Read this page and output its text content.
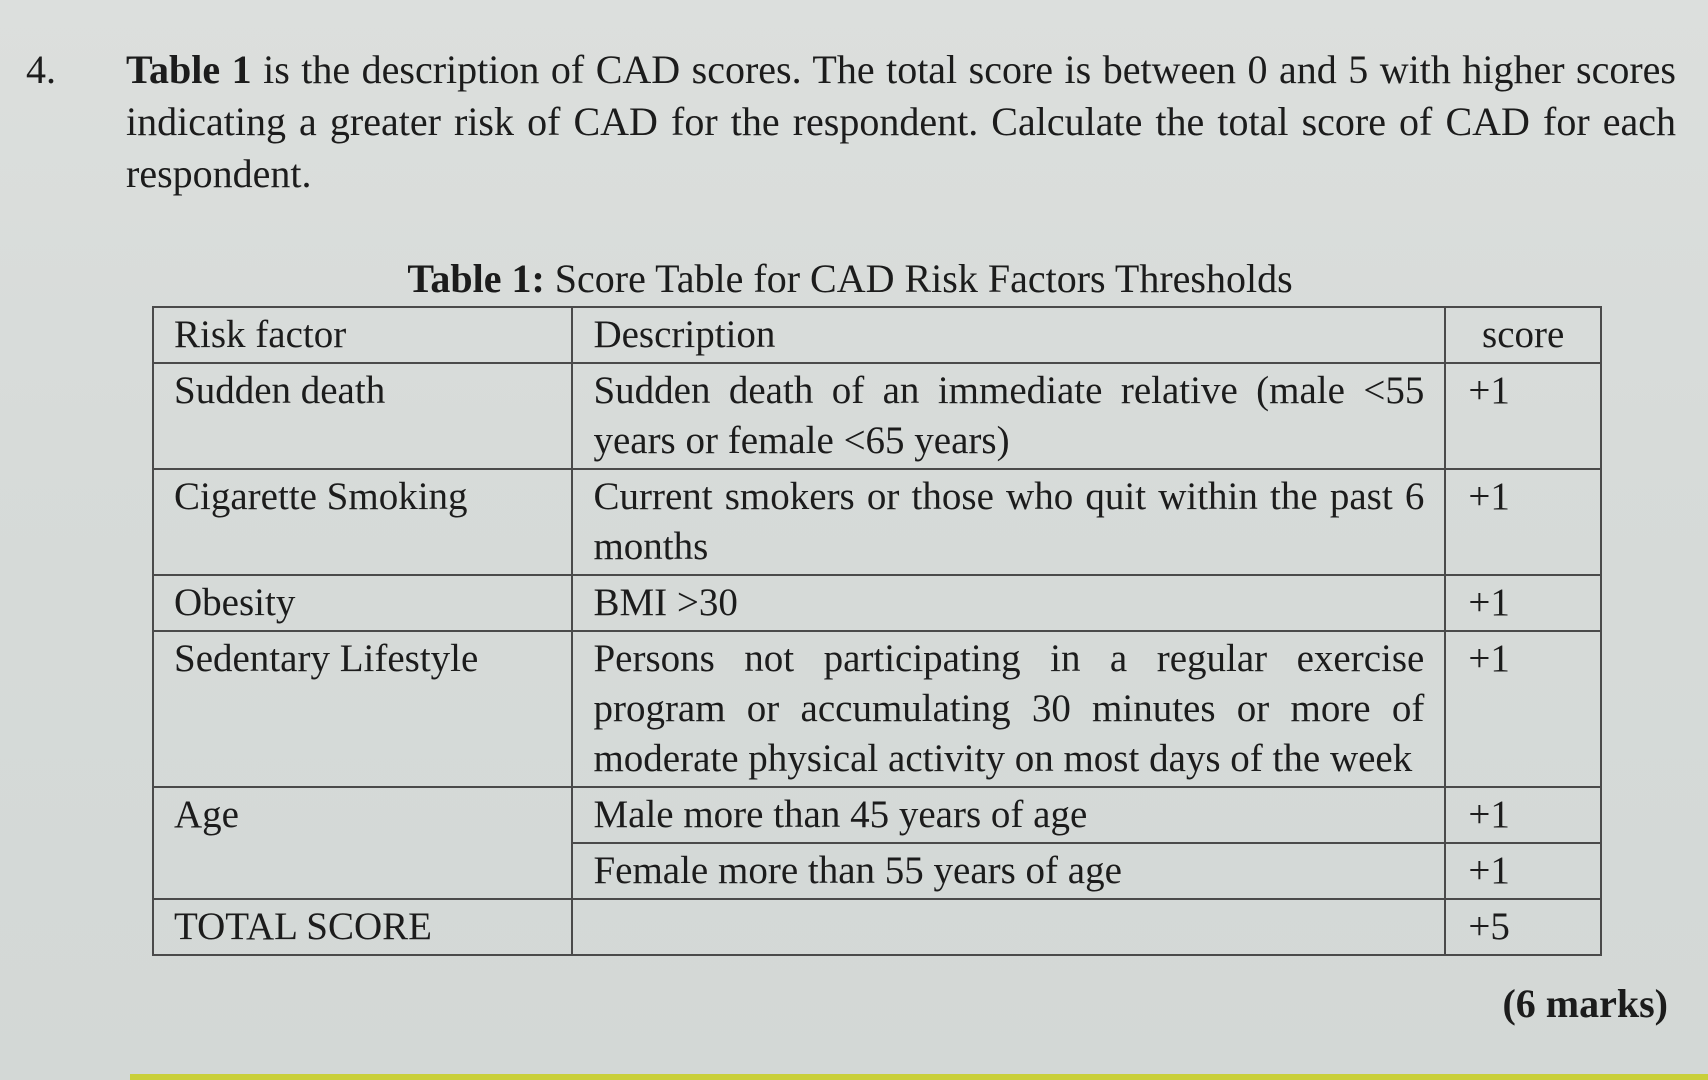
4.	Table 1 is the description of CAD scores. The total score is between 0 and 5 with higher scores indicating a greater risk of CAD for the respondent. Calculate the total score of CAD for each respondent.
Table 1: Score Table for CAD Risk Factors Thresholds
Risk factor	Description	score
Sudden death	Sudden death of an immediate relative (male <55 years or female <65 years)	+1
Cigarette Smoking	Current smokers or those who quit within the past 6 months	+1
Obesity	BMI >30	+1
Sedentary Lifestyle	Persons not participating in a regular exercise program or accumulating 30 minutes or more of moderate physical activity on most days of the week	+1
Age	Male more than 45 years of age	+1
	Female more than 55 years of age	+1
TOTAL SCORE		+5
(6 marks)
